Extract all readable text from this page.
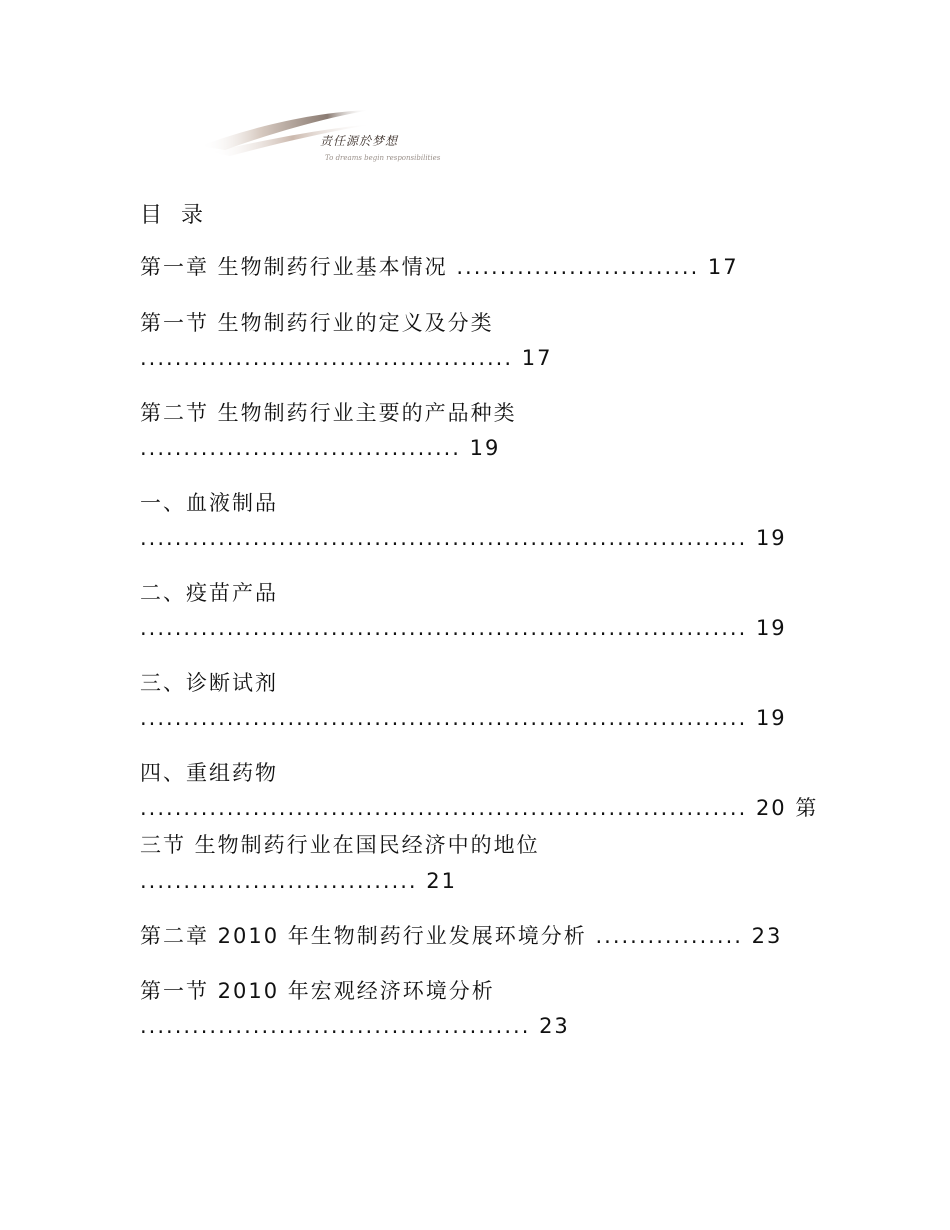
责任源於梦想
To dreams begin responsibilities
目 录
第一章 生物制药行业基本情况 ............................ 17
第一节 生物制药行业的定义及分类
........................................... 17
第二节 生物制药行业主要的产品种类
..................................... 19
一、血液制品
...................................................................... 19
二、疫苗产品
...................................................................... 19
三、诊断试剂
...................................................................... 19
四、重组药物
...................................................................... 20 第
三节 生物制药行业在国民经济中的地位
................................ 21
第二章 2010 年生物制药行业发展环境分析 ................. 23
第一节 2010 年宏观经济环境分析
............................................. 23
